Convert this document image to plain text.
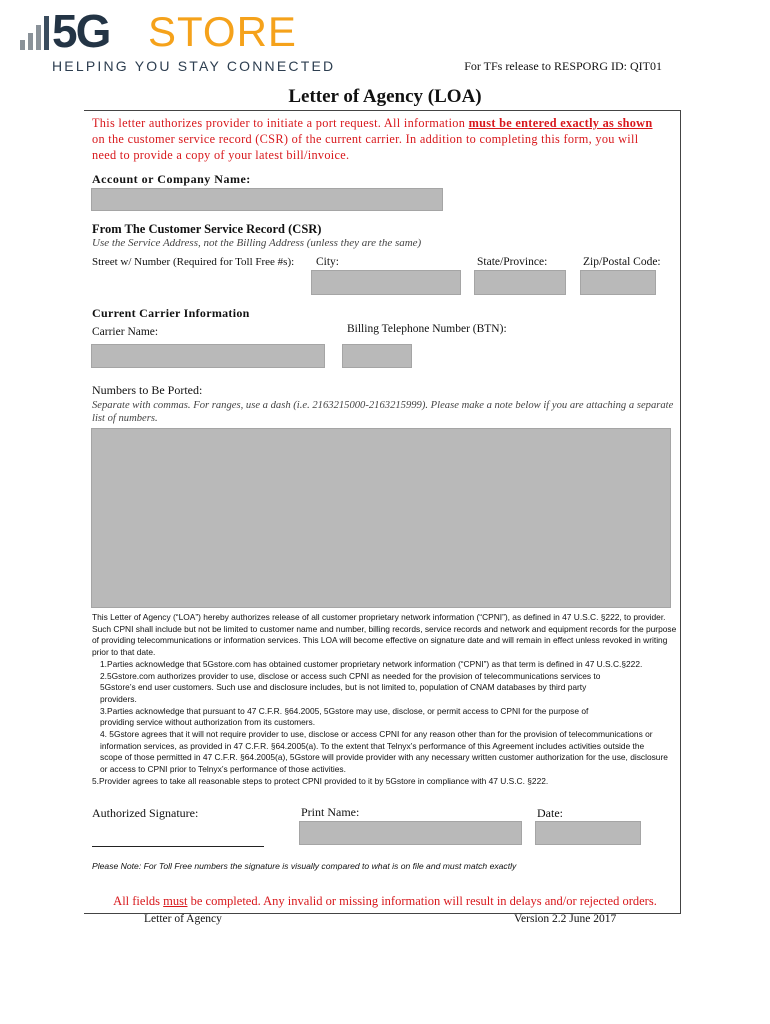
5G STORE
HELPING YOU STAY CONNECTED	For TFs release to RESPORG ID: QIT01
Letter of Agency (LOA)
This letter authorizes provider to initiate a port request. All information must be entered exactly as shown on the customer service record (CSR) of the current carrier. In addition to completing this form, you will need to provide a copy of your latest bill/invoice.
Account or Company Name:
From The Customer Service Record (CSR)
Use the Service Address, not the Billing Address (unless they are the same)
Street w/ Number (Required for Toll Free #s): City:	State/Province:	Zip/Postal Code:
Current Carrier Information
Carrier Name:	Billing Telephone Number (BTN):
Numbers to Be Ported:
Separate with commas. For ranges, use a dash (i.e. 2163215000-2163215999). Please make a note below if you are attaching a separate list of numbers.
This Letter of Agency (“LOA”) hereby authorizes release of all customer proprietary network information (“CPNI”), as defined in 47 U.S.C. §222, to provider. Such CPNI shall include but not be limited to customer name and number, billing records, service records and network and equipment records for the purpose of providing telecommunications or information services. This LOA will become effective on signature date and will remain in effect unless revoked in writing prior to that date.
1.Parties acknowledge that 5Gstore.com has obtained customer proprietary network information (“CPNI”) as that term is defined in 47 U.S.C.§222.
2.5Gstore.com authorizes provider to use, disclose or access such CPNI as needed for the provision of telecommunications services to 5Gstore’s end user customers. Such use and disclosure includes, but is not limited to, population of CNAM databases by third party providers.
3.Parties acknowledge that pursuant to 47 C.F.R. §64.2005, 5Gstore may use, disclose, or permit access to CPNI for the purpose of providing service without authorization from its customers.
4. 5Gstore agrees that it will not require provider to use, disclose or access CPNI for any reason other than for the provision of telecommunications or information services, as provided in 47 C.F.R. §64.2005(a). To the extent that Telnyx’s performance of this Agreement includes activities outside the scope of those permitted in 47 C.F.R. §64.2005(a), 5Gstore will provide provider with any necessary written customer authorization for the use, disclosure or access to CPNI prior to Telnyx’s performance of those activities.
5.Provider agrees to take all reasonable steps to protect CPNI provided to it by 5Gstore in compliance with 47 U.S.C. §222.
Authorized Signature:	Print Name:	Date:
Please Note: For Toll Free numbers the signature is visually compared to what is on file and must match exactly
All fields must be completed. Any invalid or missing information will result in delays and/or rejected orders.
Letter of Agency	Version 2.2 June 2017
